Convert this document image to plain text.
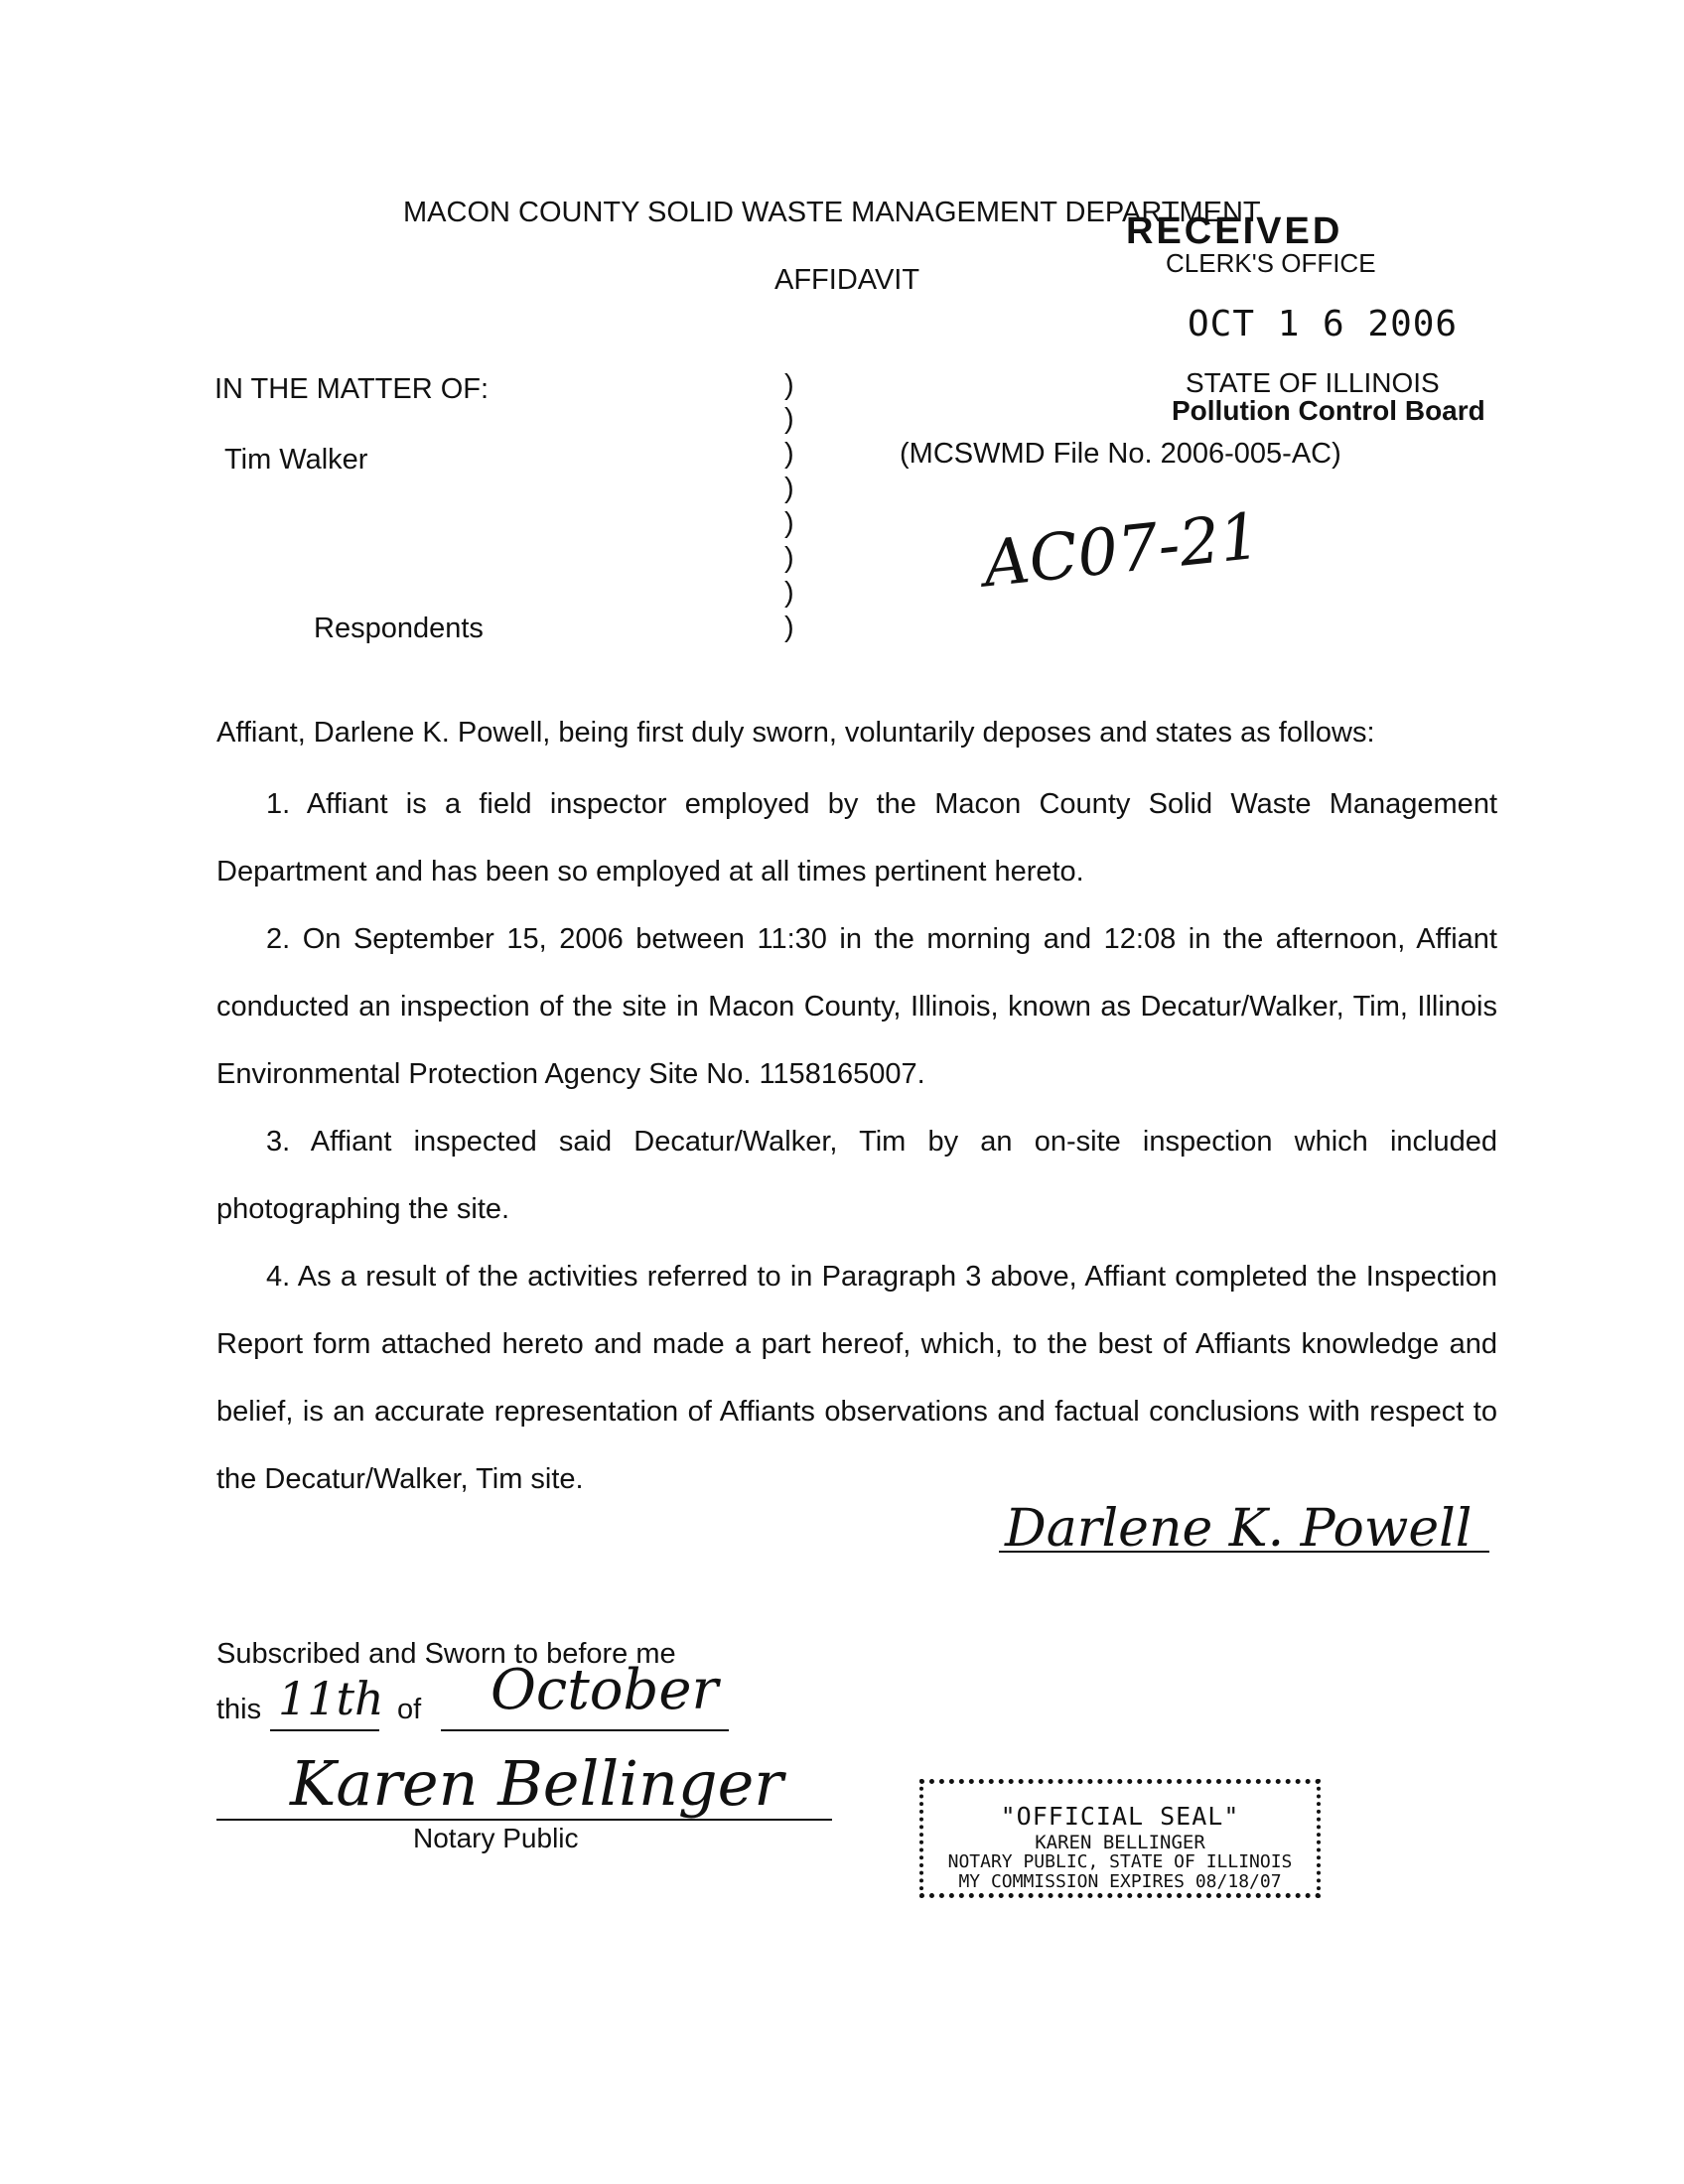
MACON COUNTY SOLID WASTE MANAGEMENT DEPARTMENT
AFFIDAVIT
RECEIVED
CLERK'S OFFICE
OCT 1 6 2006
STATE OF ILLINOIS
Pollution Control Board
IN THE MATTER OF:
Tim Walker
Respondents
)
)
)
)
)
)
)
)
(MCSWMD File No. 2006-005-AC)
AC07-21
Affiant, Darlene K. Powell, being first duly sworn, voluntarily deposes and states as follows:
1. Affiant is a field inspector employed by the Macon County Solid Waste Management Department and has been so employed at all times pertinent hereto.
2. On September 15, 2006 between 11:30 in the morning and 12:08 in the afternoon, Affiant conducted an inspection of the site in Macon County, Illinois, known as Decatur/Walker, Tim, Illinois Environmental Protection Agency Site No. 1158165007.
3. Affiant inspected said Decatur/Walker, Tim by an on-site inspection which included photographing the site.
4. As a result of the activities referred to in Paragraph 3 above, Affiant completed the Inspection Report form attached hereto and made a part hereof, which, to the best of Affiants knowledge and belief, is an accurate representation of Affiants observations and factual conclusions with respect to the Decatur/Walker, Tim site.
Darlene K. Powell
Subscribed and Sworn to before me
this 11th of October
Karen Bellinger
Notary Public
"OFFICIAL SEAL"
KAREN BELLINGER
NOTARY PUBLIC, STATE OF ILLINOIS
MY COMMISSION EXPIRES 08/18/07
